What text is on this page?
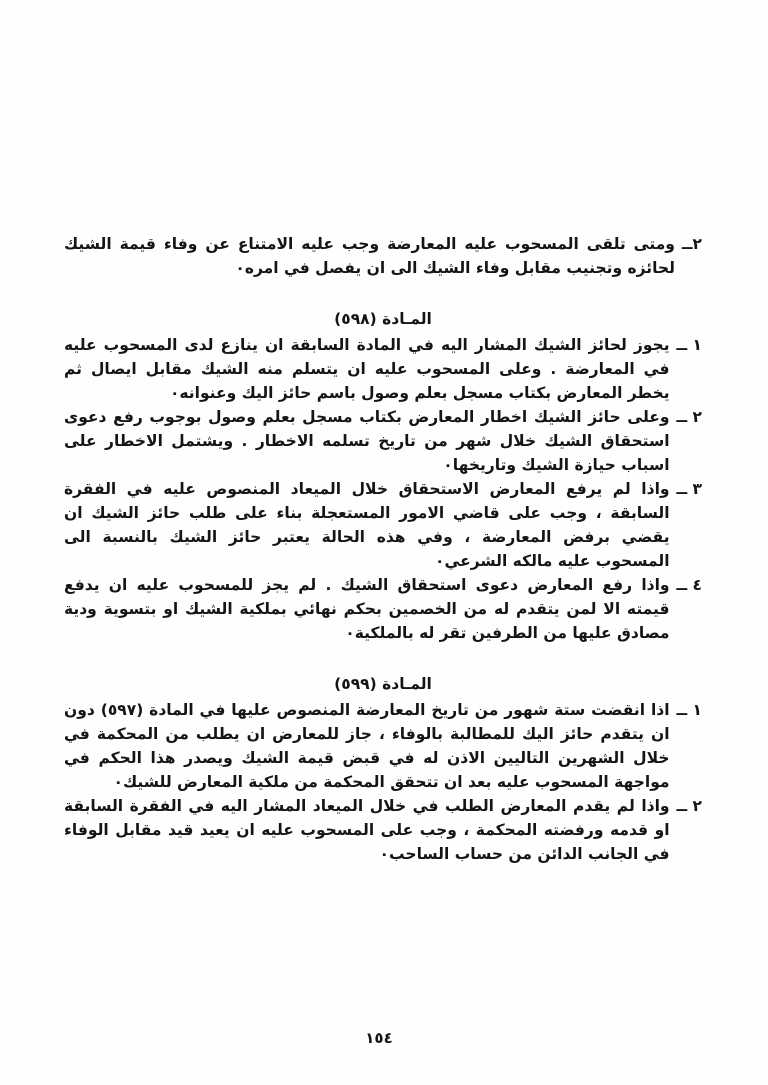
٢ــ
ومتى تلقى المسحوب عليه المعارضة وجب عليه الامتناع عن وفاء قيمة الشيك لحائزه وتجنيب مقابل وفاء الشيك الى ان يفصل في امره٠

المـادة (٥٩٨)

١ ــ
يجوز لحائز الشيك المشار اليه في المادة السابقة ان ينازع لدى المسحوب عليه في المعارضة . وعلى المسحوب عليه ان يتسلم منه الشيك مقابل ايصال ثم يخطر المعارض بكتاب مسجل بعلم وصول باسم حائز اليك وعنوانه٠

٢ ــ
وعلى حائز الشيك اخطار المعارض بكتاب مسجل بعلم وصول بوجوب رفع دعوى استحقاق الشيك خلال شهر من تاريخ تسلمه الاخطار . ويشتمل الاخطار على اسباب حيازة الشيك وتاريخها٠

٣ ــ
واذا لم يرفع المعارض الاستحقاق خلال الميعاد المنصوص عليه في الفقرة السابقة ، وجب على قاضي الامور المستعجلة بناء على طلب حائز الشيك ان يقضي برفض المعارضة ، وفي هذه الحالة يعتبر حائز الشيك بالنسبة الى المسحوب عليه مالكه الشرعي٠

٤ ــ
واذا رفع المعارض دعوى استحقاق الشيك . لم يجز للمسحوب عليه ان يدفع قيمته الا لمن يتقدم له من الخصمين بحكم نهائي بملكية الشيك او بتسوية ودية مصادق عليها من الطرفين تقر له بالملكية٠

المـادة (٥٩٩)

١ ــ
اذا انقضت ستة شهور من تاريخ المعارضة المنصوص عليها في المادة (٥٩٧) دون ان يتقدم حائز اليك للمطالبة بالوفاء ، جاز للمعارض ان يطلب من المحكمة في خلال الشهرين التاليين الاذن له في قبض قيمة الشيك ويصدر هذا الحكم في مواجهة المسحوب عليه بعد ان تتحقق المحكمة من ملكية المعارض للشيك٠

٢ ــ
واذا لم يقدم المعارض الطلب في خلال الميعاد المشار اليه في الفقرة السابقة او قدمه ورفضته المحكمة ، وجب على المسحوب عليه ان يعيد قيد مقابل الوفاء في الجانب الدائن من حساب الساحب٠

١٥٤
